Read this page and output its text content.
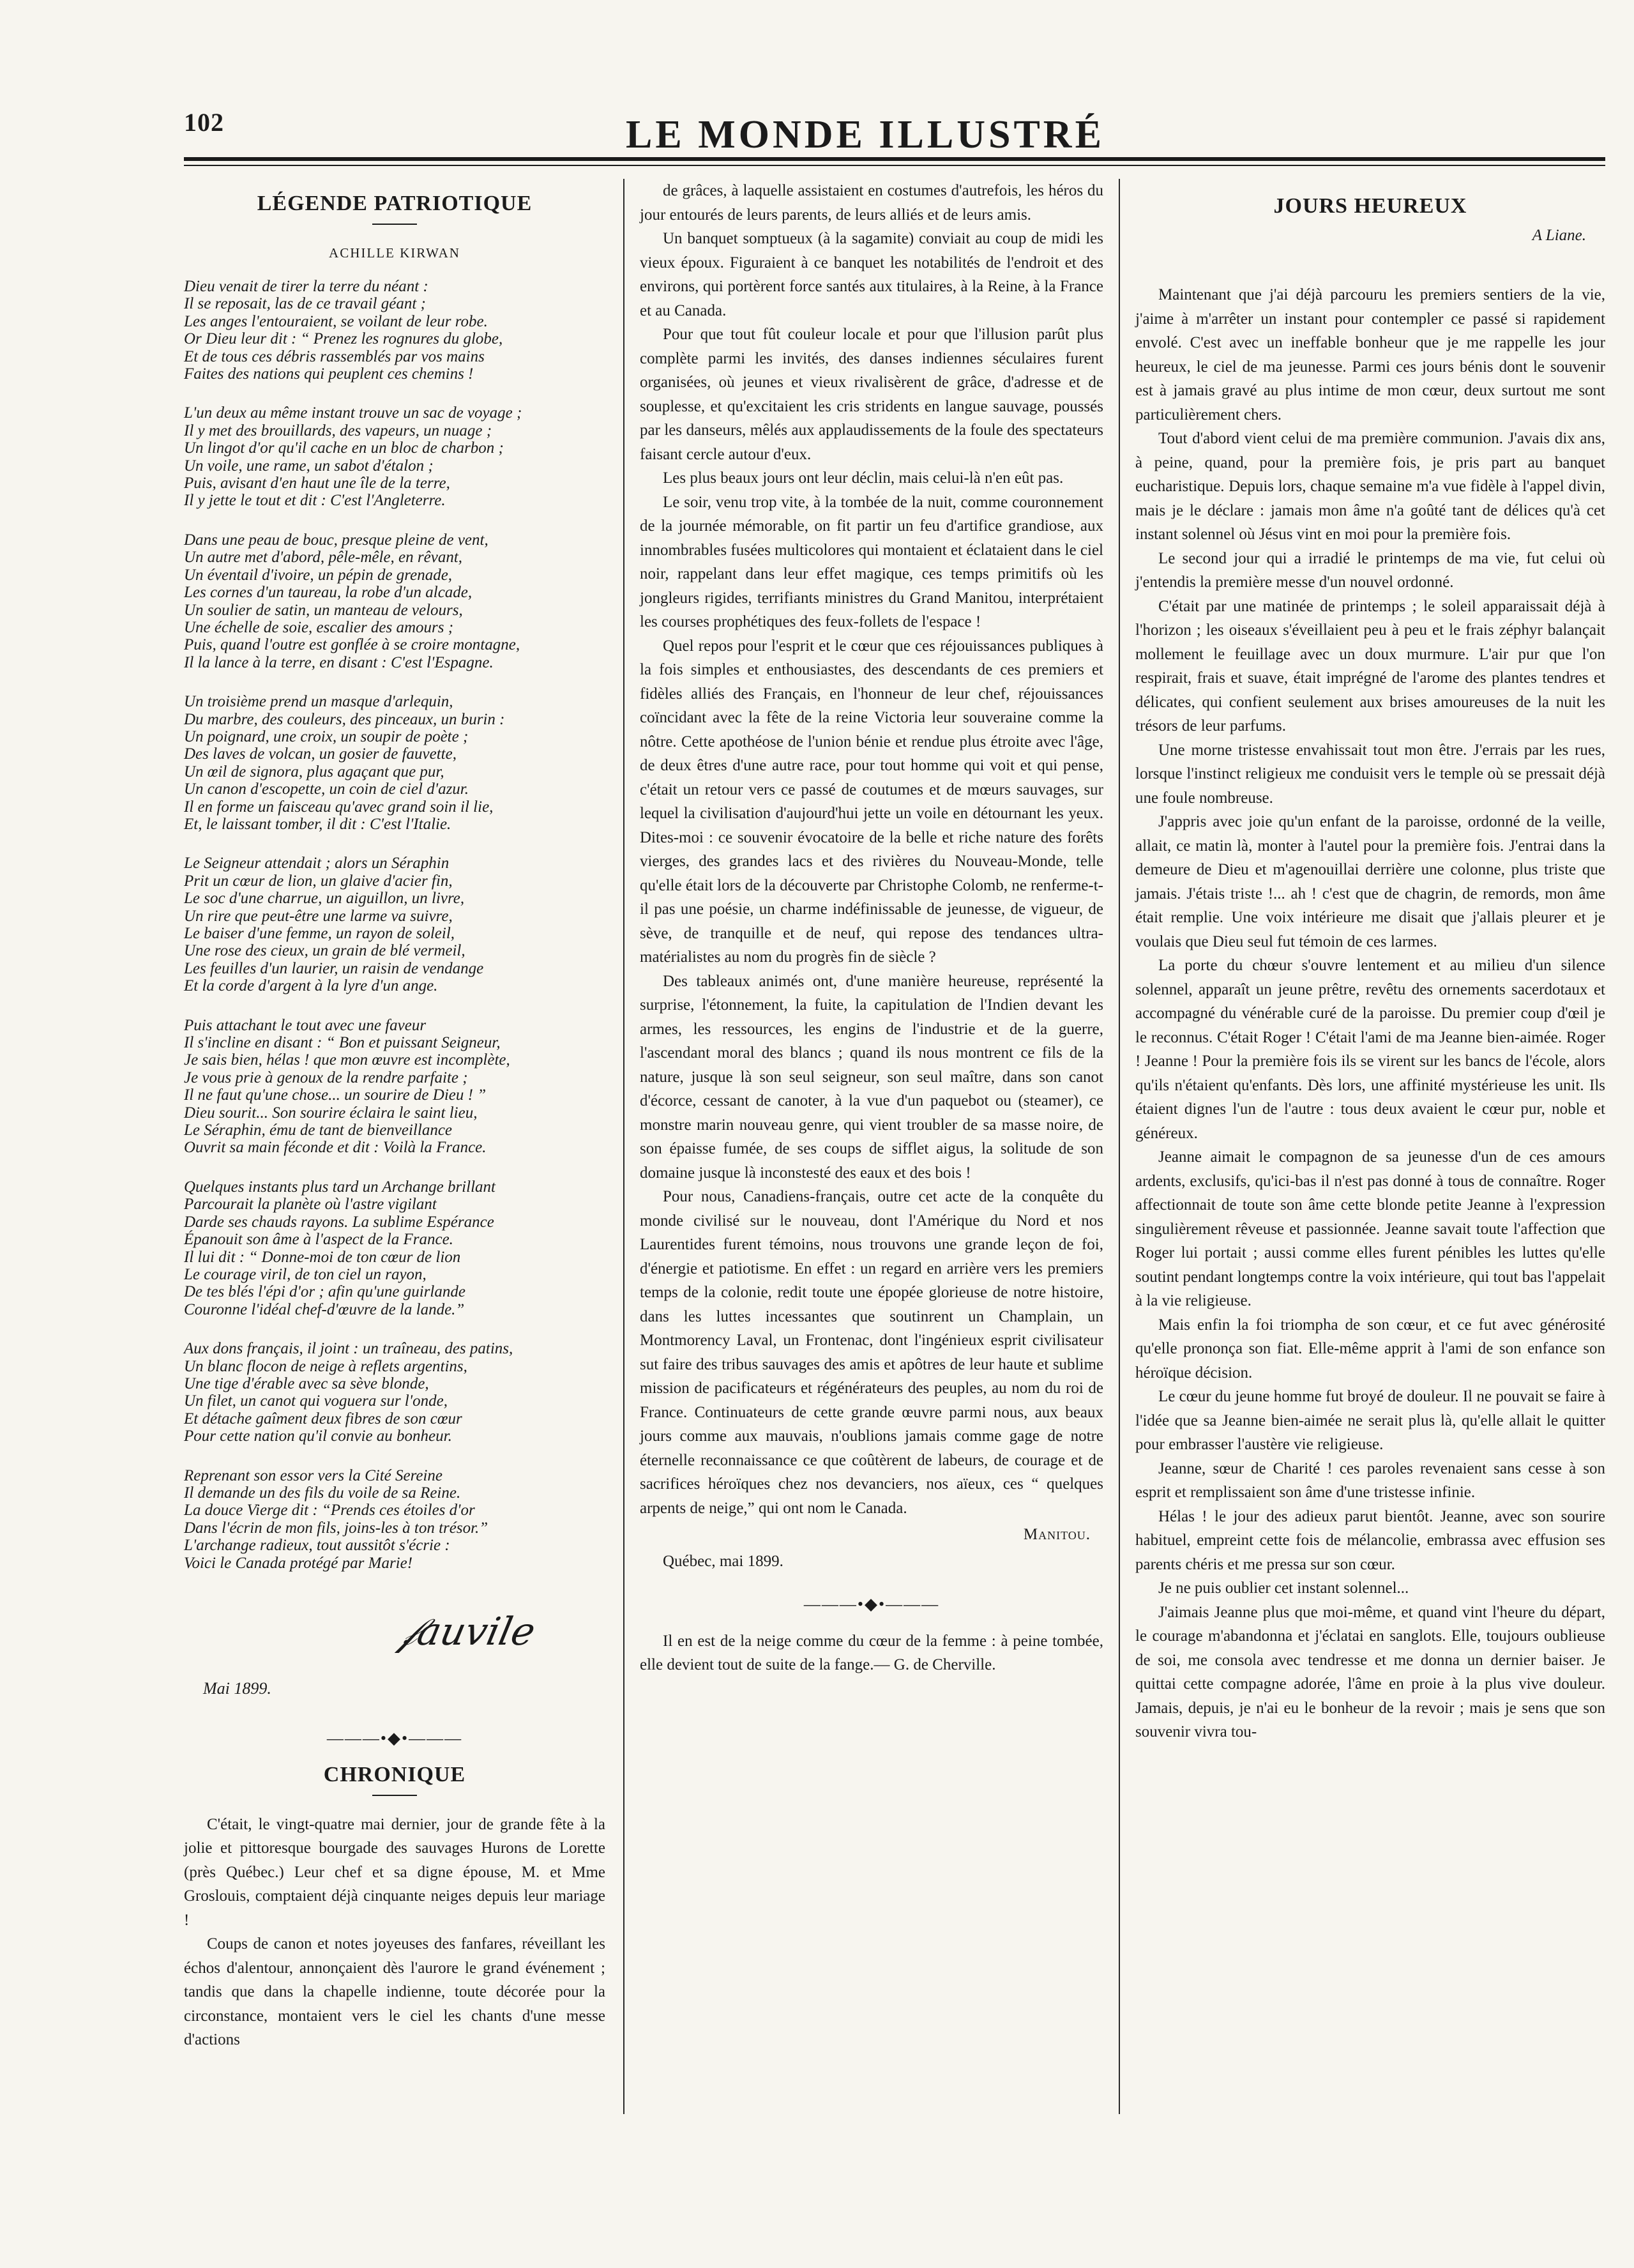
102	LE MONDE ILLUSTRÉ
LÉGENDE PATRIOTIQUE
ACHILLE KIRWAN
Dieu venait de tirer la terre du néant :
Il se reposait, las de ce travail géant ;
Les anges l'entouraient, se voilant de leur robe.
Or Dieu leur dit : “ Prenez les rognures du globe,
Et de tous ces débris rassemblés par vos mains
Faites des nations qui peuplent ces chemins !
L'un deux au même instant trouve un sac de voyage ;
Il y met des brouillards, des vapeurs, un nuage ;
Un lingot d'or qu'il cache en un bloc de charbon ;
Un voile, une rame, un sabot d'étalon ;
Puis, avisant d'en haut une île de la terre,
Il y jette le tout et dit : C'est l'Angleterre.
Dans une peau de bouc, presque pleine de vent,
Un autre met d'abord, pêle-mêle, en rêvant,
Un éventail d'ivoire, un pépin de grenade,
Les cornes d'un taureau, la robe d'un alcade,
Un soulier de satin, un manteau de velours,
Une échelle de soie, escalier des amours ;
Puis, quand l'outre est gonflée à se croire montagne,
Il la lance à la terre, en disant : C'est l'Espagne.
Un troisième prend un masque d'arlequin,
Du marbre, des couleurs, des pinceaux, un burin :
Un poignard, une croix, un soupir de poète ;
Des laves de volcan, un gosier de fauvette,
Un œil de signora, plus agaçant que pur,
Un canon d'escopette, un coin de ciel d'azur.
Il en forme un faisceau qu'avec grand soin il lie,
Et, le laissant tomber, il dit : C'est l'Italie.
Le Seigneur attendait ; alors un Séraphin
Prit un cœur de lion, un glaive d'acier fin,
Le soc d'une charrue, un aiguillon, un livre,
Un rire que peut-être une larme va suivre,
Le baiser d'une femme, un rayon de soleil,
Une rose des cieux, un grain de blé vermeil,
Les feuilles d'un laurier, un raisin de vendange
Et la corde d'argent à la lyre d'un ange.
Puis attachant le tout avec une faveur
Il s'incline en disant : “ Bon et puissant Seigneur,
Je sais bien, hélas ! que mon œuvre est incomplète,
Je vous prie à genoux de la rendre parfaite ;
Il ne faut qu'une chose... un sourire de Dieu ! ”
Dieu sourit... Son sourire éclaira le saint lieu,
Le Séraphin, ému de tant de bienveillance
Ouvrit sa main féconde et dit : Voilà la France.
Quelques instants plus tard un Archange brillant
Parcourait la planète où l'astre vigilant
Darde ses chauds rayons. La sublime Espérance
Épanouit son âme à l'aspect de la France.
Il lui dit : “ Donne-moi de ton cœur de lion
Le courage viril, de ton ciel un rayon,
De tes blés l'épi d'or ; afin qu'une guirlande
Couronne l'idéal chef-d'œuvre de la lande.”
Aux dons français, il joint : un traîneau, des patins,
Un blanc flocon de neige à reflets argentins,
Une tige d'érable avec sa sève blonde,
Un filet, un canot qui voguera sur l'onde,
Et détache gaîment deux fibres de son cœur
Pour cette nation qu'il convie au bonheur.
Reprenant son essor vers la Cité Sereine
Il demande un des fils du voile de sa Reine.
La douce Vierge dit : “Prends ces étoiles d'or
Dans l'écrin de mon fils, joins-les à ton trésor.”
L'archange radieux, tout aussitôt s'écrie :
Voici le Canada protégé par Marie!
𝒻auvile
Mai 1899.
———•◆•———
CHRONIQUE

C'était, le vingt-quatre mai dernier, jour de grande fête à la jolie et pittoresque bourgade des sauvages Hurons de Lorette (près Québec.) Leur chef et sa digne épouse, M. et Mme Groslouis, comptaient déjà cinquante neiges depuis leur mariage !

Coups de canon et notes joyeuses des fanfares, réveillant les échos d'alentour, annonçaient dès l'aurore le grand événement ; tandis que dans la chapelle indienne, toute décorée pour la circonstance, montaient vers le ciel les chants d'une messe d'actions

de grâces, à laquelle assistaient en costumes d'autrefois, les héros du jour entourés de leurs parents, de leurs alliés et de leurs amis.

Un banquet somptueux (à la sagamite) conviait au coup de midi les vieux époux. Figuraient à ce banquet les notabilités de l'endroit et des environs, qui portèrent force santés aux titulaires, à la Reine, à la France et au Canada.

Pour que tout fût couleur locale et pour que l'illusion parût plus complète parmi les invités, des danses indiennes séculaires furent organisées, où jeunes et vieux rivalisèrent de grâce, d'adresse et de souplesse, et qu'excitaient les cris stridents en langue sauvage, poussés par les danseurs, mêlés aux applaudissements de la foule des spectateurs faisant cercle autour d'eux.

Les plus beaux jours ont leur déclin, mais celui-là n'en eût pas.

Le soir, venu trop vite, à la tombée de la nuit, comme couronnement de la journée mémorable, on fit partir un feu d'artifice grandiose, aux innombrables fusées multicolores qui montaient et éclataient dans le ciel noir, rappelant dans leur effet magique, ces temps primitifs où les jongleurs rigides, terrifiants ministres du Grand Manitou, interprétaient les courses prophétiques des feux-follets de l'espace !

Quel repos pour l'esprit et le cœur que ces réjouissances publiques à la fois simples et enthousiastes, des descendants de ces premiers et fidèles alliés des Français, en l'honneur de leur chef, réjouissances coïncidant avec la fête de la reine Victoria leur souveraine comme la nôtre. Cette apothéose de l'union bénie et rendue plus étroite avec l'âge, de deux êtres d'une autre race, pour tout homme qui voit et qui pense, c'était un retour vers ce passé de coutumes et de mœurs sauvages, sur lequel la civilisation d'aujourd'hui jette un voile en détournant les yeux. Dites-moi : ce souvenir évocatoire de la belle et riche nature des forêts vierges, des grandes lacs et des rivières du Nouveau-Monde, telle qu'elle était lors de la découverte par Christophe Colomb, ne renferme-t-il pas une poésie, un charme indéfinissable de jeunesse, de vigueur, de sève, de tranquille et de neuf, qui repose des tendances ultra-matérialistes au nom du progrès fin de siècle ?

Des tableaux animés ont, d'une manière heureuse, représenté la surprise, l'étonnement, la fuite, la capitulation de l'Indien devant les armes, les ressources, les engins de l'industrie et de la guerre, l'ascendant moral des blancs ; quand ils nous montrent ce fils de la nature, jusque là son seul seigneur, son seul maître, dans son canot d'écorce, cessant de canoter, à la vue d'un paquebot ou (steamer), ce monstre marin nouveau genre, qui vient troubler de sa masse noire, de son épaisse fumée, de ses coups de sifflet aigus, la solitude de son domaine jusque là inconstesté des eaux et des bois !

Pour nous, Canadiens-français, outre cet acte de la conquête du monde civilisé sur le nouveau, dont l'Amérique du Nord et nos Laurentides furent témoins, nous trouvons une grande leçon de foi, d'énergie et patiotisme. En effet : un regard en arrière vers les premiers temps de la colonie, redit toute une épopée glorieuse de notre histoire, dans les luttes incessantes que soutinrent un Champlain, un Montmorency Laval, un Frontenac, dont l'ingénieux esprit civilisateur sut faire des tribus sauvages des amis et apôtres de leur haute et sublime mission de pacificateurs et régénérateurs des peuples, au nom du roi de France. Continuateurs de cette grande œuvre parmi nous, aux beaux jours comme aux mauvais, n'oublions jamais comme gage de notre éternelle reconnaissance ce que coûtèrent de labeurs, de courage et de sacrifices héroïques chez nos devanciers, nos aïeux, ces “ quelques arpents de neige,” qui ont nom le Canada.

Manitou.
Québec, mai 1899.
———•◆•———

Il en est de la neige comme du cœur de la femme : à peine tombée, elle devient tout de suite de la fange.— G. de Cherville.

JOURS HEUREUX
A Liane.

Maintenant que j'ai déjà parcouru les premiers sentiers de la vie, j'aime à m'arrêter un instant pour contempler ce passé si rapidement envolé. C'est avec un ineffable bonheur que je me rappelle les jour heureux, le ciel de ma jeunesse. Parmi ces jours bénis dont le souvenir est à jamais gravé au plus intime de mon cœur, deux surtout me sont particulièrement chers.

Tout d'abord vient celui de ma première communion. J'avais dix ans, à peine, quand, pour la première fois, je pris part au banquet eucharistique. Depuis lors, chaque semaine m'a vue fidèle à l'appel divin, mais je le déclare : jamais mon âme n'a goûté tant de délices qu'à cet instant solennel où Jésus vint en moi pour la première fois.

Le second jour qui a irradié le printemps de ma vie, fut celui où j'entendis la première messe d'un nouvel ordonné.

C'était par une matinée de printemps ; le soleil apparaissait déjà à l'horizon ; les oiseaux s'éveillaient peu à peu et le frais zéphyr balançait mollement le feuillage avec un doux murmure. L'air pur que l'on respirait, frais et suave, était imprégné de l'arome des plantes tendres et délicates, qui confient seulement aux brises amoureuses de la nuit les trésors de leur parfums.

Une morne tristesse envahissait tout mon être. J'errais par les rues, lorsque l'instinct religieux me conduisit vers le temple où se pressait déjà une foule nombreuse.

J'appris avec joie qu'un enfant de la paroisse, ordonné de la veille, allait, ce matin là, monter à l'autel pour la première fois. J'entrai dans la demeure de Dieu et m'agenouillai derrière une colonne, plus triste que jamais. J'étais triste !... ah ! c'est que de chagrin, de remords, mon âme était remplie. Une voix intérieure me disait que j'allais pleurer et je voulais que Dieu seul fut témoin de ces larmes.

La porte du chœur s'ouvre lentement et au milieu d'un silence solennel, apparaît un jeune prêtre, revêtu des ornements sacerdotaux et accompagné du vénérable curé de la paroisse. Du premier coup d'œil je le reconnus. C'était Roger ! C'était l'ami de ma Jeanne bien-aimée. Roger ! Jeanne ! Pour la première fois ils se virent sur les bancs de l'école, alors qu'ils n'étaient qu'enfants. Dès lors, une affinité mystérieuse les unit. Ils étaient dignes l'un de l'autre : tous deux avaient le cœur pur, noble et généreux.

Jeanne aimait le compagnon de sa jeunesse d'un de ces amours ardents, exclusifs, qu'ici-bas il n'est pas donné à tous de connaître. Roger affectionnait de toute son âme cette blonde petite Jeanne à l'expression singulièrement rêveuse et passionnée. Jeanne savait toute l'affection que Roger lui portait ; aussi comme elles furent pénibles les luttes qu'elle soutint pendant longtemps contre la voix intérieure, qui tout bas l'appelait à la vie religieuse.

Mais enfin la foi triompha de son cœur, et ce fut avec générosité qu'elle prononça son fiat. Elle-même apprit à l'ami de son enfance son héroïque décision.

Le cœur du jeune homme fut broyé de douleur. Il ne pouvait se faire à l'idée que sa Jeanne bien-aimée ne serait plus là, qu'elle allait le quitter pour embrasser l'austère vie religieuse.

Jeanne, sœur de Charité ! ces paroles revenaient sans cesse à son esprit et remplissaient son âme d'une tristesse infinie.

Hélas ! le jour des adieux parut bientôt. Jeanne, avec son sourire habituel, empreint cette fois de mélancolie, embrassa avec effusion ses parents chéris et me pressa sur son cœur.

Je ne puis oublier cet instant solennel...

J'aimais Jeanne plus que moi-même, et quand vint l'heure du départ, le courage m'abandonna et j'éclatai en sanglots. Elle, toujours oublieuse de soi, me consola avec tendresse et me donna un dernier baiser. Je quittai cette compagne adorée, l'âme en proie à la plus vive douleur. Jamais, depuis, je n'ai eu le bonheur de la revoir ; mais je sens que son souvenir vivra tou-
